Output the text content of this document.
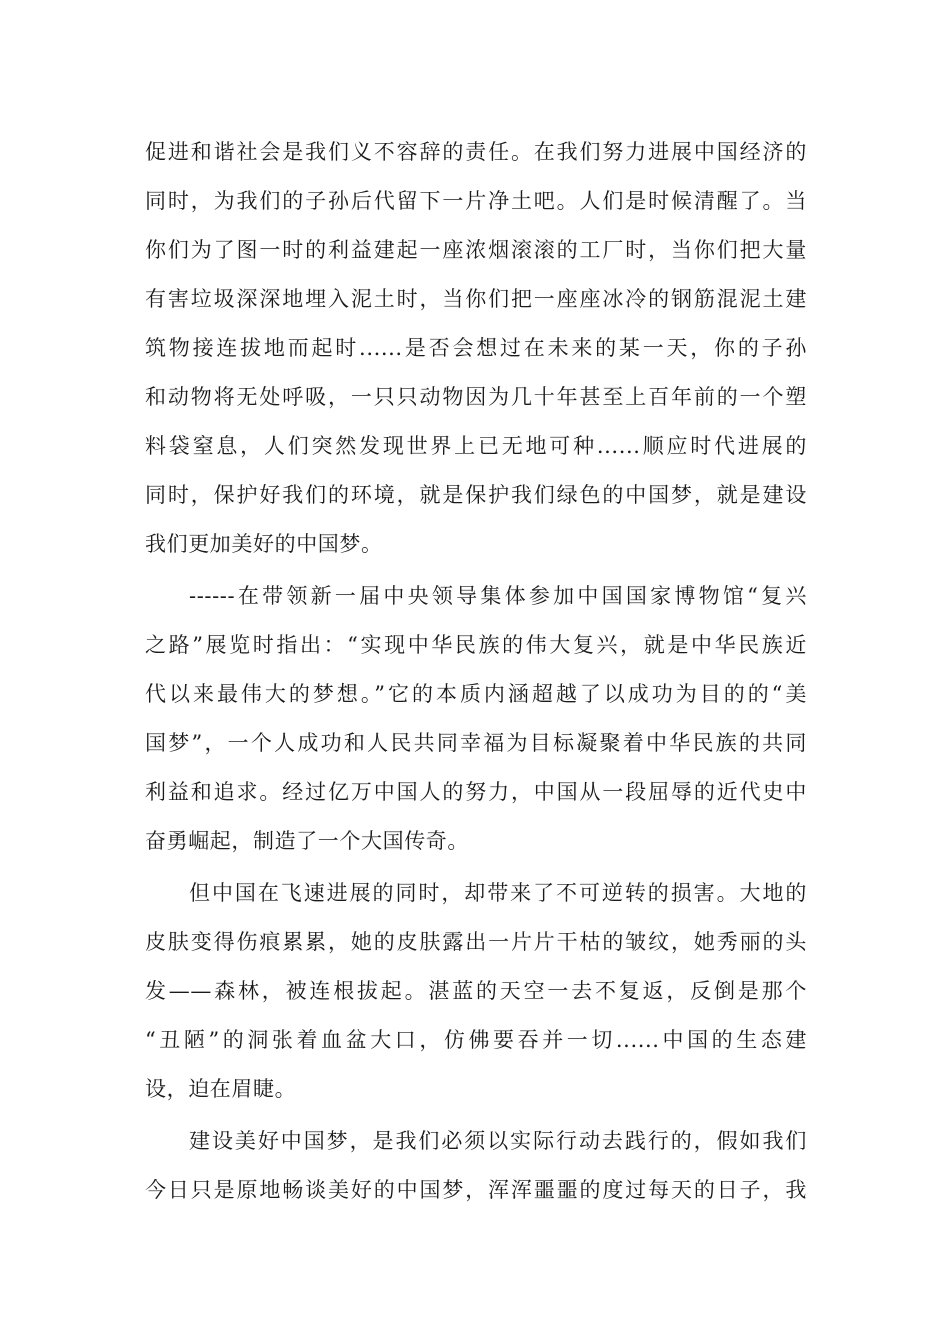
促进和谐社会是我们义不容辞的责任。在我们努力进展中国经济的
同时，为我们的子孙后代留下一片净土吧。人们是时候清醒了。当
你们为了图一时的利益建起一座浓烟滚滚的工厂时，当你们把大量
有害垃圾深深地埋入泥土时，当你们把一座座冰冷的钢筋混泥土建
筑物接连拔地而起时......是否会想过在未来的某一天，你的子孙
和动物将无处呼吸，一只只动物因为几十年甚至上百年前的一个塑
料袋窒息，人们突然发现世界上已无地可种......顺应时代进展的
同时，保护好我们的环境，就是保护我们绿色的中国梦，就是建设
我们更加美好的中国梦。
------在带领新一届中央领导集体参加中国国家博物馆“复兴
之路”展览时指出：“实现中华民族的伟大复兴，就是中华民族近
代以来最伟大的梦想。”它的本质内涵超越了以成功为目的的“美
国梦”，一个人成功和人民共同幸福为目标凝聚着中华民族的共同
利益和追求。经过亿万中国人的努力，中国从一段屈辱的近代史中
奋勇崛起，制造了一个大国传奇。
但中国在飞速进展的同时，却带来了不可逆转的损害。大地的
皮肤变得伤痕累累，她的皮肤露出一片片干枯的皱纹，她秀丽的头
发——森林，被连根拔起。湛蓝的天空一去不复返，反倒是那个
“丑陋”的洞张着血盆大口，仿佛要吞并一切......中国的生态建
设，迫在眉睫。
建设美好中国梦，是我们必须以实际行动去践行的，假如我们
今日只是原地畅谈美好的中国梦，浑浑噩噩的度过每天的日子，我
